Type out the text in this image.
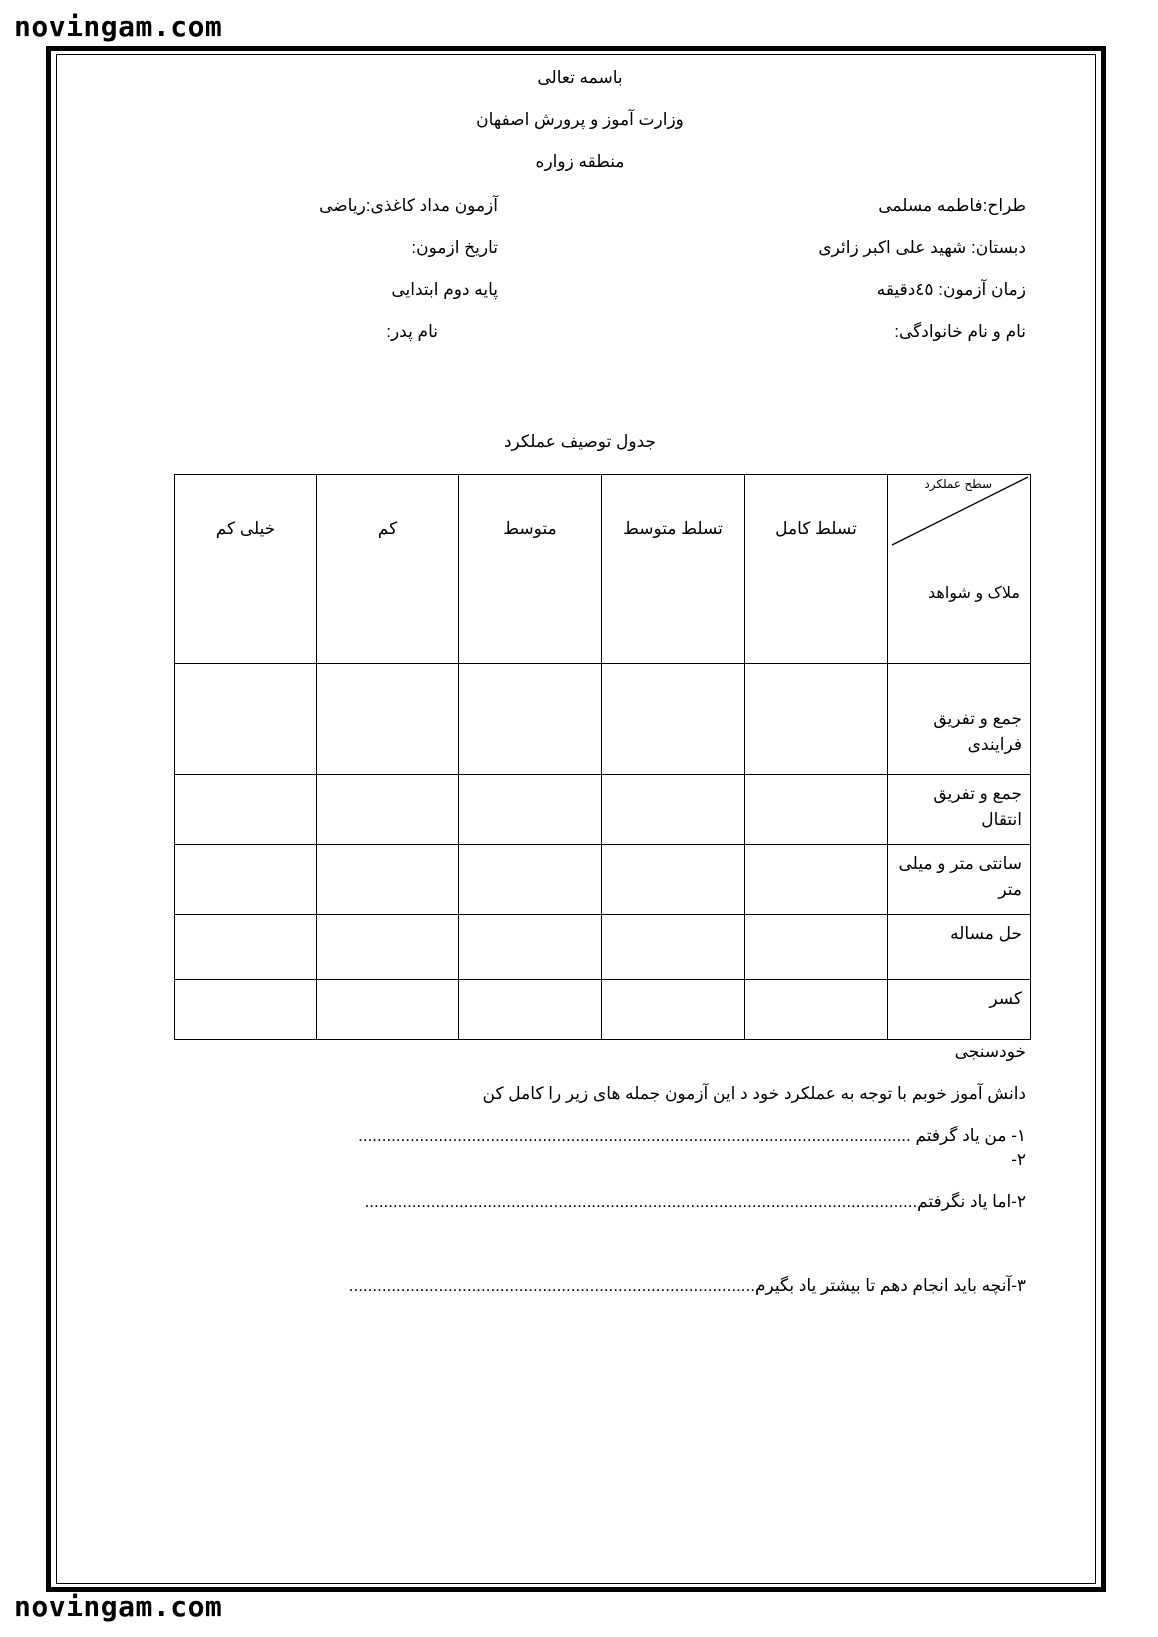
novingam.com
باسمه تعالی
وزارت آموز و پرورش اصفهان
منطقه زواره
طراح:فاطمه مسلمی
آزمون مداد کاغذی:ریاضی
دبستان: شهید علی اکبر زائری
تاریخ ازمون:
زمان آزمون: ٤٥دقیقه
پایه دوم ابتدایی
نام و نام خانوادگی:
نام پدر:
جدول توصیف عملکرد
سطح عملکرد
ملاک و شواهد	تسلط کامل	تسلط متوسط	متوسط	کم	خیلی کم
جمع و تفریق فرایندی					
جمع و تفریق انتقال					
سانتی متر و میلی متر					
حل مساله					
کسر					
خودسنجی
دانش آموز خوبم با توجه به عملکرد خود د این آزمون جمله های زیر را کامل کن
١- من یاد گرفتم .....................................................................................................................
٢-
٢-اما یاد نگرفتم.....................................................................................................................
٣-آنچه باید انجام دهم تا بیشتر یاد بگیرم......................................................................................
novingam.com
